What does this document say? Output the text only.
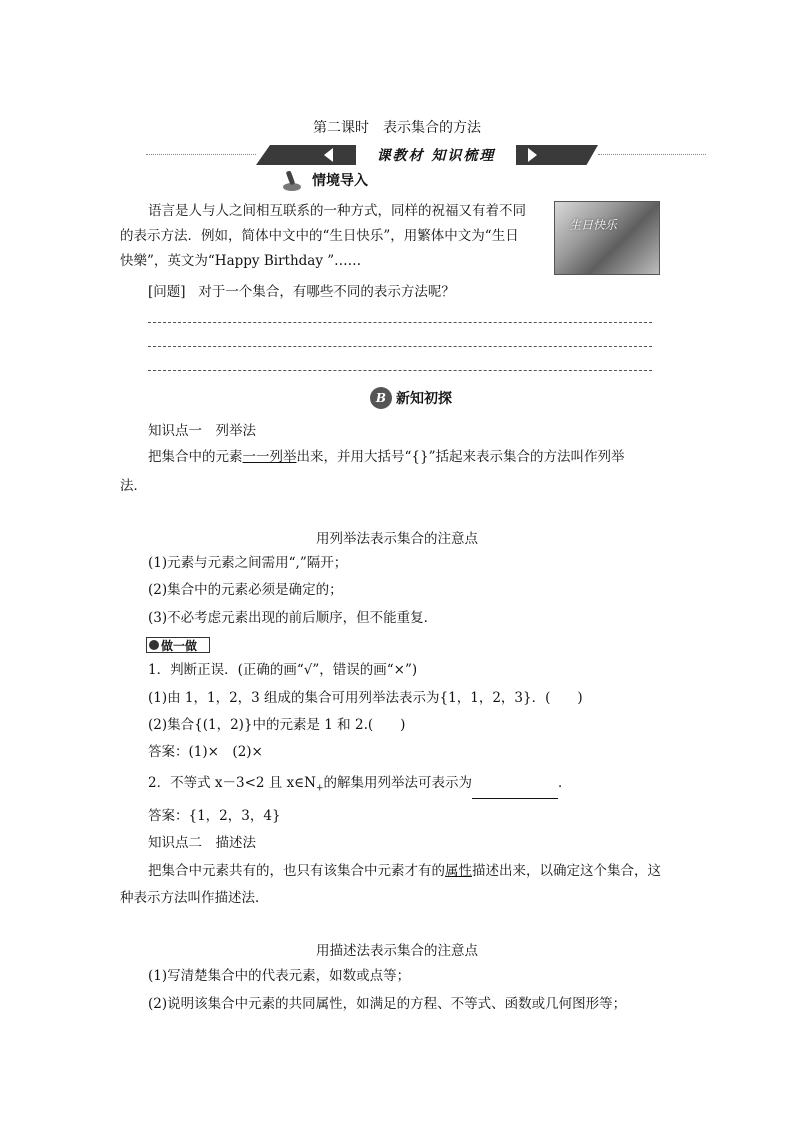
第二课时　表示集合的方法
课教材 知识梳理
情境导入
语言是人与人之间相互联系的一种方式，同样的祝福又有着不同
的表示方法．例如，简体中文中的“生日快乐”，用繁体中文为“生日
快樂”，英文为“Happy Birthday ”……
生日快乐
[问题] 对于一个集合，有哪些不同的表示方法呢？
B 新知初探
知识点一　列举法
把集合中的元素一一列举出来，并用大括号“{}”括起来表示集合的方法叫作列举
法．
用列举法表示集合的注意点
(1)元素与元素之间需用“,”隔开；
(2)集合中的元素必须是确定的；
(3)不必考虑元素出现的前后顺序，但不能重复．
做一做
1．判断正误．(正确的画“√”，错误的画“×”)
(1)由 1，1，2，3 组成的集合可用列举法表示为{1，1，2，3}．(　　)
(2)集合{(1，2)}中的元素是 1 和 2.(　　)
答案：(1)×　(2)×
2．不等式 x－3<2 且 $x\in N_+$的解集用列举法可表示为	．
答案：{1，2，3，4}
知识点二　描述法
把集合中元素共有的，也只有该集合中元素才有的属性描述出来，以确定这个集合，这
种表示方法叫作描述法．
用描述法表示集合的注意点
(1)写清楚集合中的代表元素，如数或点等；
(2)说明该集合中元素的共同属性，如满足的方程、不等式、函数或几何图形等；
